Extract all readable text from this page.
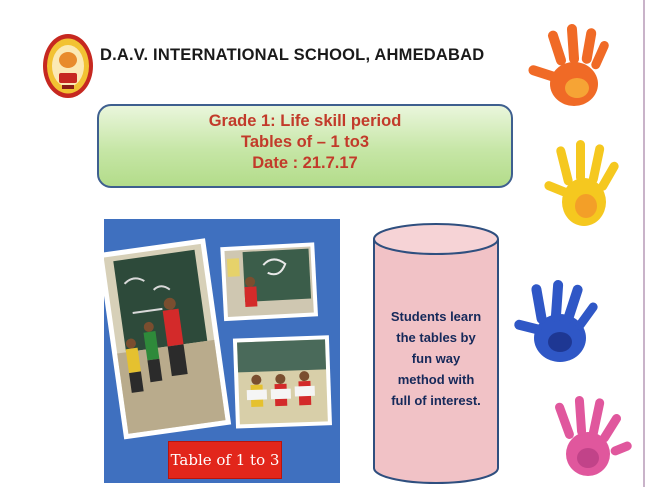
D.A.V. INTERNATIONAL SCHOOL, AHMEDABAD
Grade 1: Life skill period
Tables of – 1 to3
Date : 21.7.17
Table of 1 to 3
Students learn
the tables by
fun way
method with
full of interest.
